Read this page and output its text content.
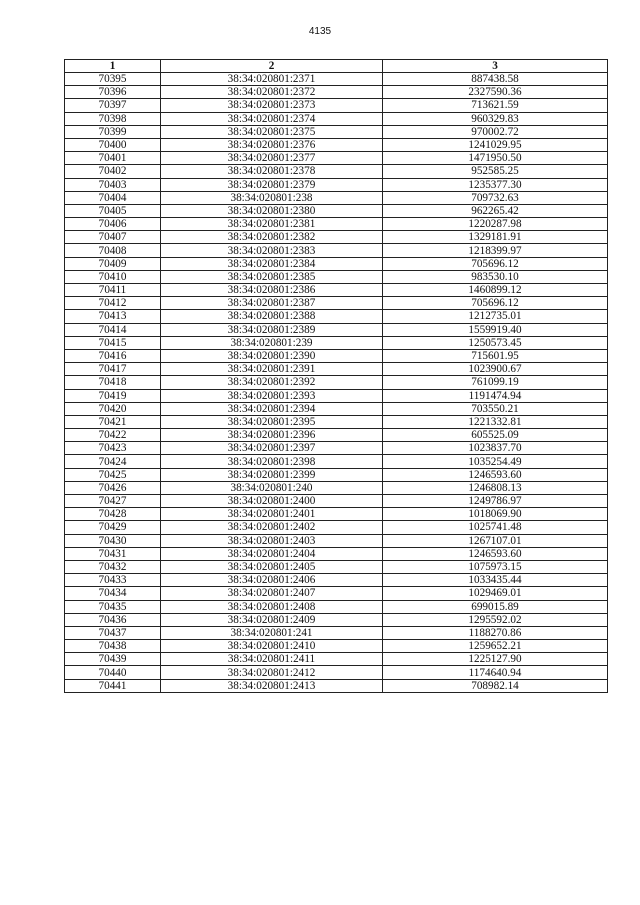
4135
1	2	3
70395	38:34:020801:2371	887438.58
70396	38:34:020801:2372	2327590.36
70397	38:34:020801:2373	713621.59
70398	38:34:020801:2374	960329.83
70399	38:34:020801:2375	970002.72
70400	38:34:020801:2376	1241029.95
70401	38:34:020801:2377	1471950.50
70402	38:34:020801:2378	952585.25
70403	38:34:020801:2379	1235377.30
70404	38:34:020801:238	709732.63
70405	38:34:020801:2380	962265.42
70406	38:34:020801:2381	1220287.98
70407	38:34:020801:2382	1329181.91
70408	38:34:020801:2383	1218399.97
70409	38:34:020801:2384	705696.12
70410	38:34:020801:2385	983530.10
70411	38:34:020801:2386	1460899.12
70412	38:34:020801:2387	705696.12
70413	38:34:020801:2388	1212735.01
70414	38:34:020801:2389	1559919.40
70415	38:34:020801:239	1250573.45
70416	38:34:020801:2390	715601.95
70417	38:34:020801:2391	1023900.67
70418	38:34:020801:2392	761099.19
70419	38:34:020801:2393	1191474.94
70420	38:34:020801:2394	703550.21
70421	38:34:020801:2395	1221332.81
70422	38:34:020801:2396	605525.09
70423	38:34:020801:2397	1023837.70
70424	38:34:020801:2398	1035254.49
70425	38:34:020801:2399	1246593.60
70426	38:34:020801:240	1246808.13
70427	38:34:020801:2400	1249786.97
70428	38:34:020801:2401	1018069.90
70429	38:34:020801:2402	1025741.48
70430	38:34:020801:2403	1267107.01
70431	38:34:020801:2404	1246593.60
70432	38:34:020801:2405	1075973.15
70433	38:34:020801:2406	1033435.44
70434	38:34:020801:2407	1029469.01
70435	38:34:020801:2408	699015.89
70436	38:34:020801:2409	1295592.02
70437	38:34:020801:241	1188270.86
70438	38:34:020801:2410	1259652.21
70439	38:34:020801:2411	1225127.90
70440	38:34:020801:2412	1174640.94
70441	38:34:020801:2413	708982.14
